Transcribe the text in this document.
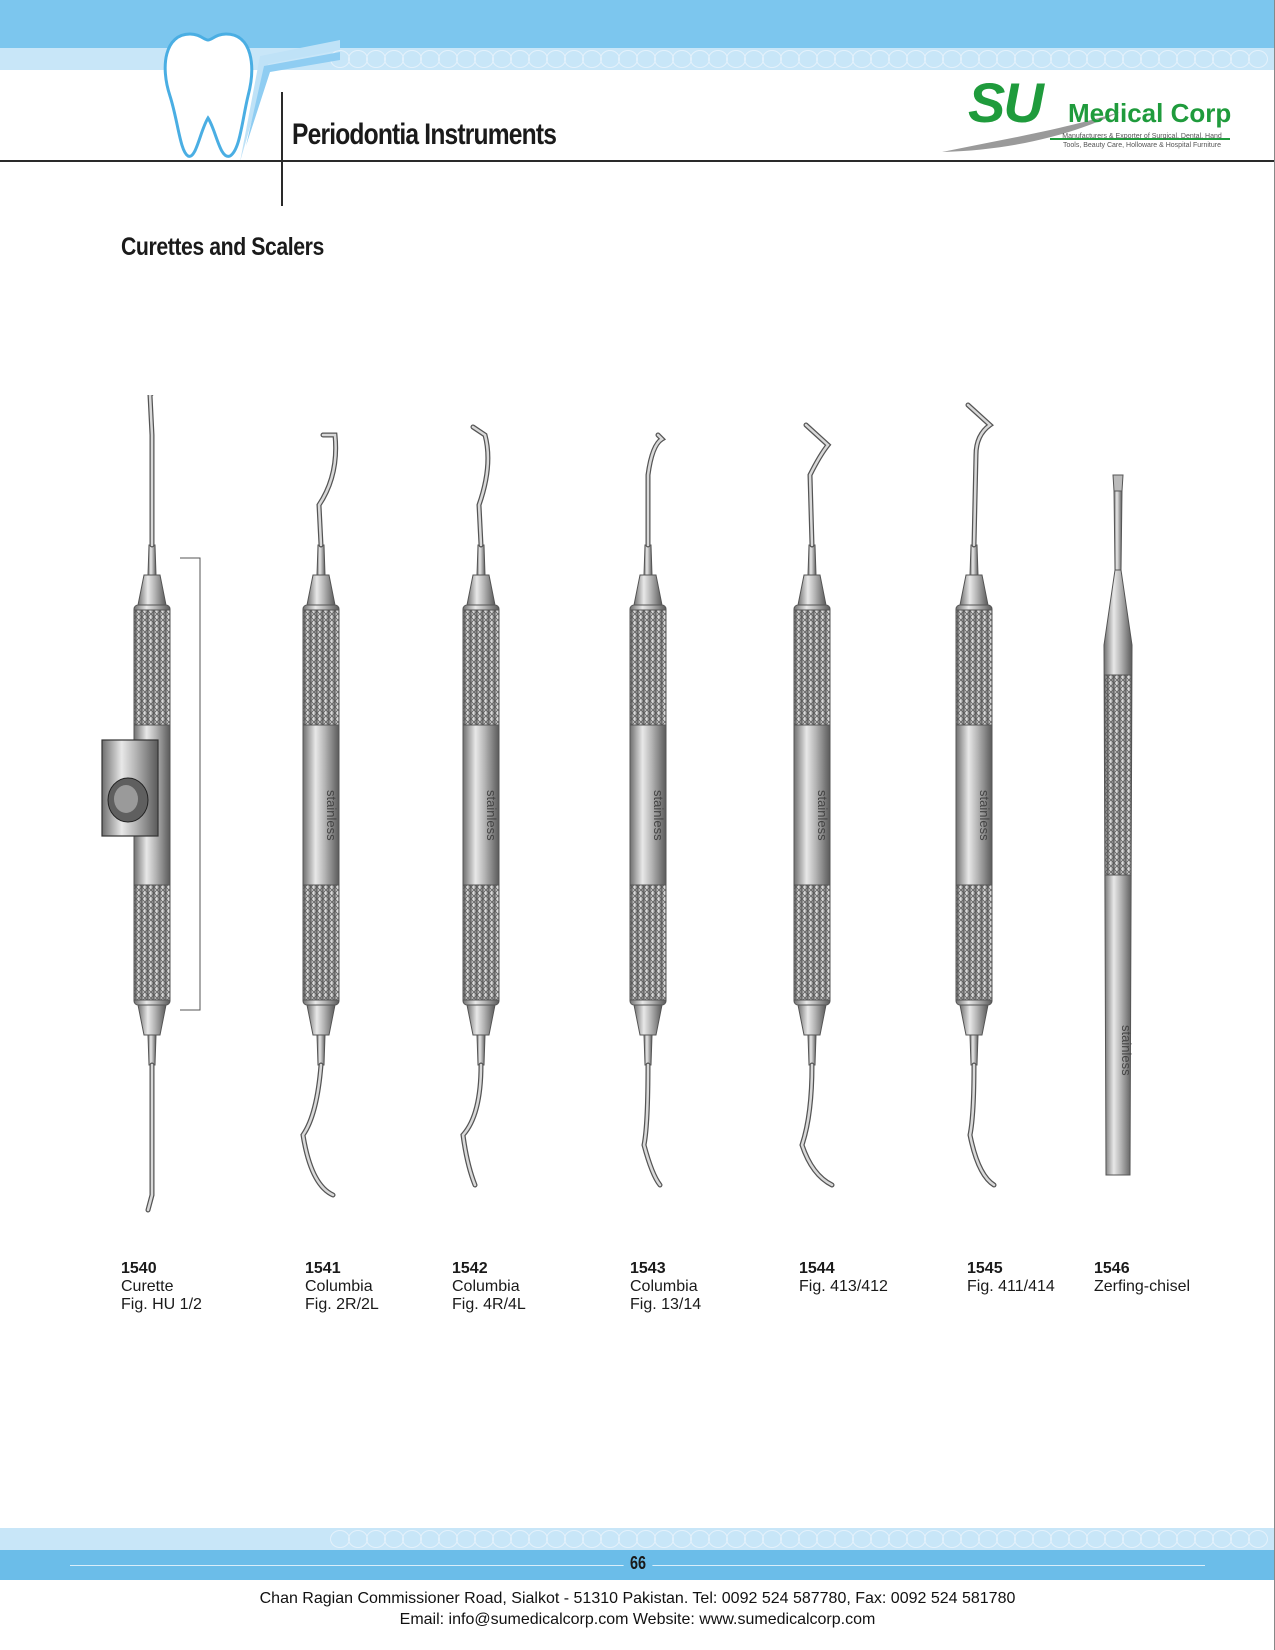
Periodontia Instruments
SU Medical Corp
Manufacturers & Exporter of Surgical, Dental, Hand Tools, Beauty Care, Holloware & Hospital Furniture
Curettes and Scalers
stainless	stainless	stainless	stainless	stainless
stainless
1540
Curette
Fig. HU 1/2
1541
Columbia
Fig. 2R/2L
1542
Columbia
Fig. 4R/4L
1543
Columbia
Fig. 13/14
1544
Fig. 413/412
1545
Fig. 411/414
1546
Zerfing-chisel
66
Chan Ragian Commissioner Road, Sialkot - 51310 Pakistan. Tel: 0092 524 587780, Fax: 0092 524 581780
Email: info@sumedicalcorp.com Website: www.sumedicalcorp.com
